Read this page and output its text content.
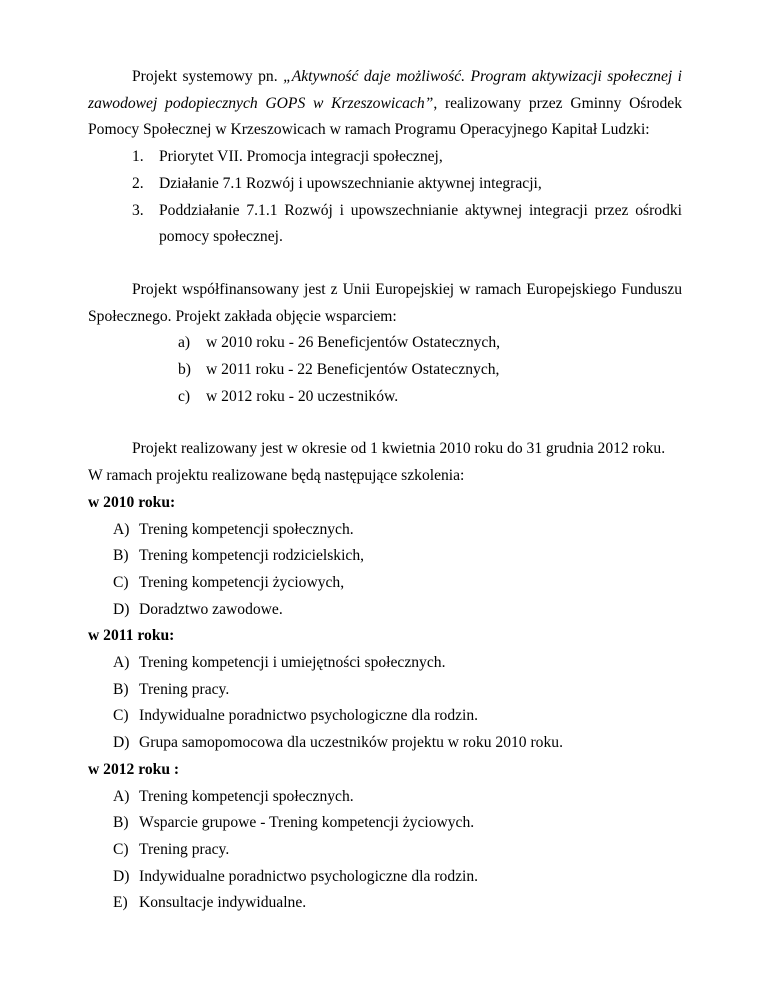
Projekt systemowy pn. „Aktywność daje możliwość. Program aktywizacji społecznej i zawodowej podopiecznych GOPS w Krzeszowicach”, realizowany przez Gminny Ośrodek Pomocy Społecznej w Krzeszowicach w ramach Programu Operacyjnego Kapitał Ludzki:

1. Priorytet VII. Promocja integracji społecznej,
2. Działanie 7.1 Rozwój i upowszechnianie aktywnej integracji,
3. Poddziałanie 7.1.1 Rozwój i upowszechnianie aktywnej integracji przez ośrodki pomocy społecznej.

Projekt współfinansowany jest z Unii Europejskiej w ramach Europejskiego Funduszu Społecznego. Projekt zakłada objęcie wsparciem:

a) w 2010 roku - 26 Beneficjentów Ostatecznych,
b) w 2011 roku - 22 Beneficjentów Ostatecznych,
c) w 2012 roku - 20 uczestników.

Projekt realizowany jest w okresie od 1 kwietnia 2010 roku do 31 grudnia 2012 roku.

W ramach projektu realizowane będą następujące szkolenia:

w 2010 roku:
A) Trening kompetencji społecznych.
B) Trening kompetencji rodzicielskich,
C) Trening kompetencji życiowych,
D) Doradztwo zawodowe.
w 2011 roku:
A) Trening kompetencji i umiejętności społecznych.
B) Trening pracy.
C) Indywidualne poradnictwo psychologiczne dla rodzin.
D) Grupa samopomocowa dla uczestników projektu w roku 2010 roku.
w 2012 roku :
A) Trening kompetencji społecznych.
B) Wsparcie grupowe - Trening kompetencji życiowych.
C) Trening pracy.
D) Indywidualne poradnictwo psychologiczne dla rodzin.
E) Konsultacje indywidualne.
